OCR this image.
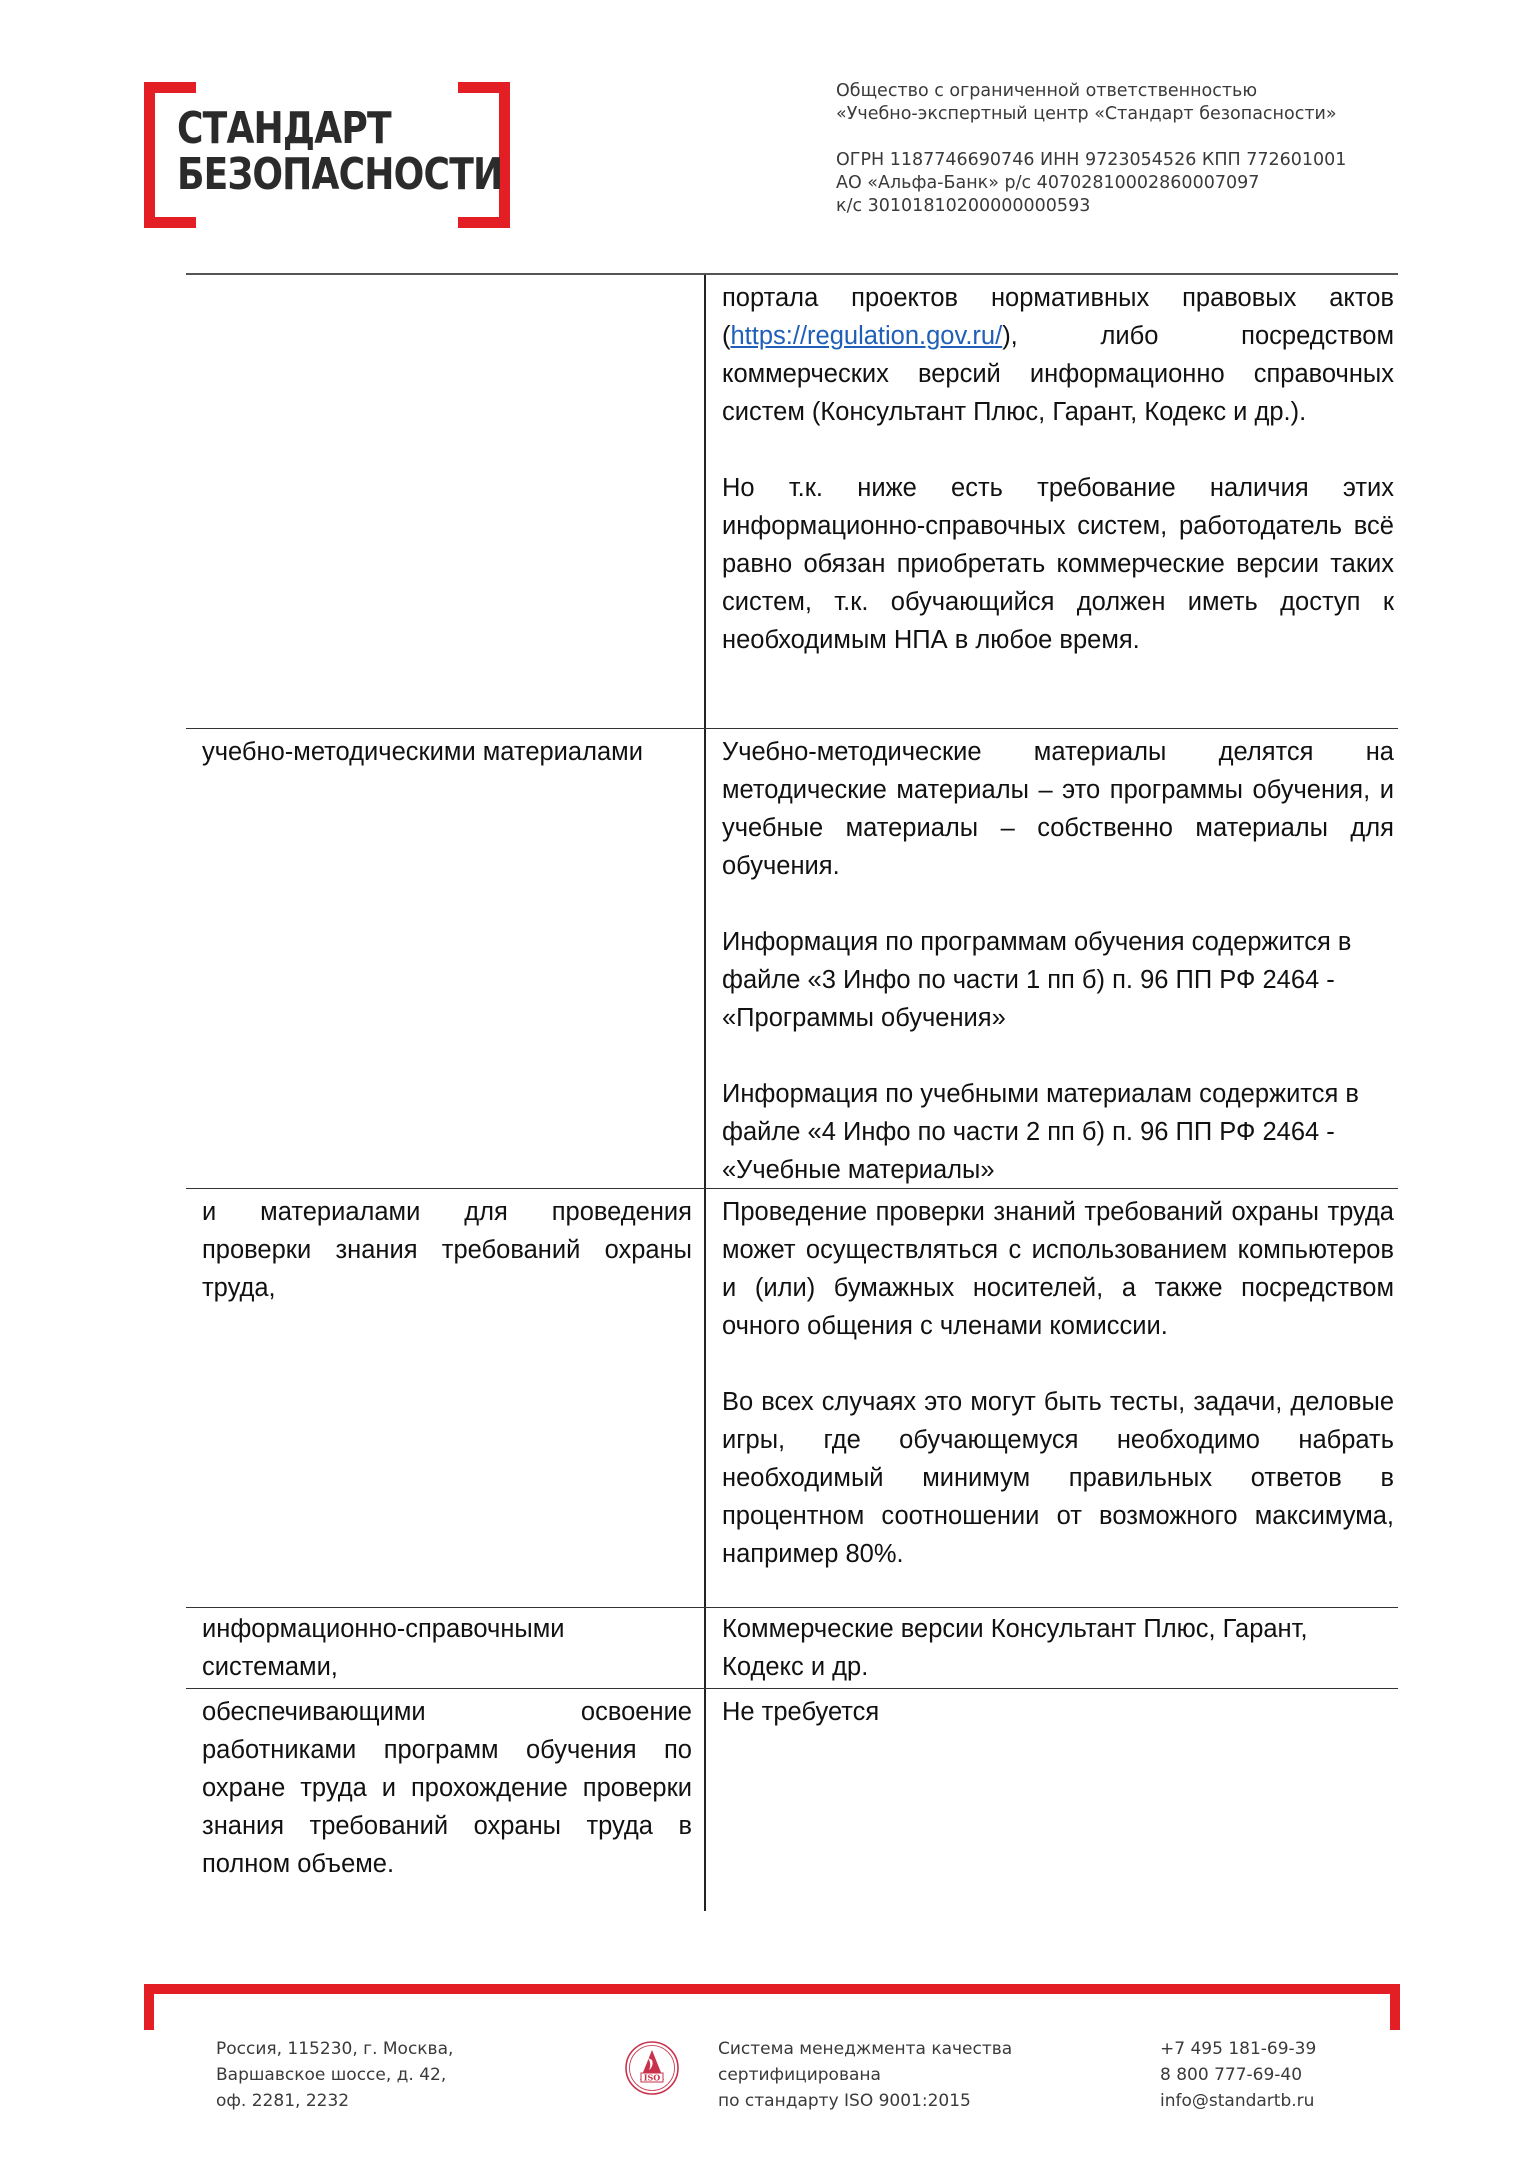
СТАНДАРТ
БЕЗОПАСНОСТИ
Общество с ограниченной ответственностью
«Учебно-экспертный центр «Стандарт безопасности»
ОГРН 1187746690746 ИНН 9723054526 КПП 772601001
АО «Альфа-Банк» р/с 40702810002860007097
к/с 30101810200000000593

портала проектов нормативных правовых актов (https://regulation.gov.ru/), либо посредством коммерческих версий информационно справочных систем (Консультант Плюс, Гарант, Кодекс и др.).

Но т.к. ниже есть требование наличия этих информационно-справочных систем, работодатель всё равно обязан приобретать коммерческие версии таких систем, т.к. обучающийся должен иметь доступ к необходимым НПА в любое время.

учебно-методическими материалами	Учебно-методические материалы делятся на методические материалы – это программы обучения, и учебные материалы – собственно материалы для обучения.

Информация по программам обучения содержится в файле «3 Инфо по части 1 пп б) п. 96 ПП РФ 2464 - «Программы обучения»

Информация по учебными материалам содержится в файле «4 Инфо по части 2 пп б) п. 96 ПП РФ 2464 - «Учебные материалы»

и материалами для проведения проверки знания требований охраны труда,

Проведение проверки знаний требований охраны труда может осуществляться с использованием компьютеров и (или) бумажных носителей, а также посредством очного общения с членами комиссии.

Во всех случаях это могут быть тесты, задачи, деловые игры, где обучающемуся необходимо набрать необходимый минимум правильных ответов в процентном соотношении от возможного максимума, например 80%.

информационно-справочными системами,

Коммерческие версии Консультант Плюс, Гарант, Кодекс и др.

обеспечивающими освоение работниками программ обучения по охране труда и прохождение проверки знания требований охраны труда в полном объеме.

Не требуется

Россия, 115230, г. Москва,
Варшавское шоссе, д. 42,
оф. 2281, 2232
ISO
Система менеджмента качества
сертифицирована
по стандарту ISO 9001:2015
+7 495 181-69-39
8 800 777-69-40
info@standartb.ru
